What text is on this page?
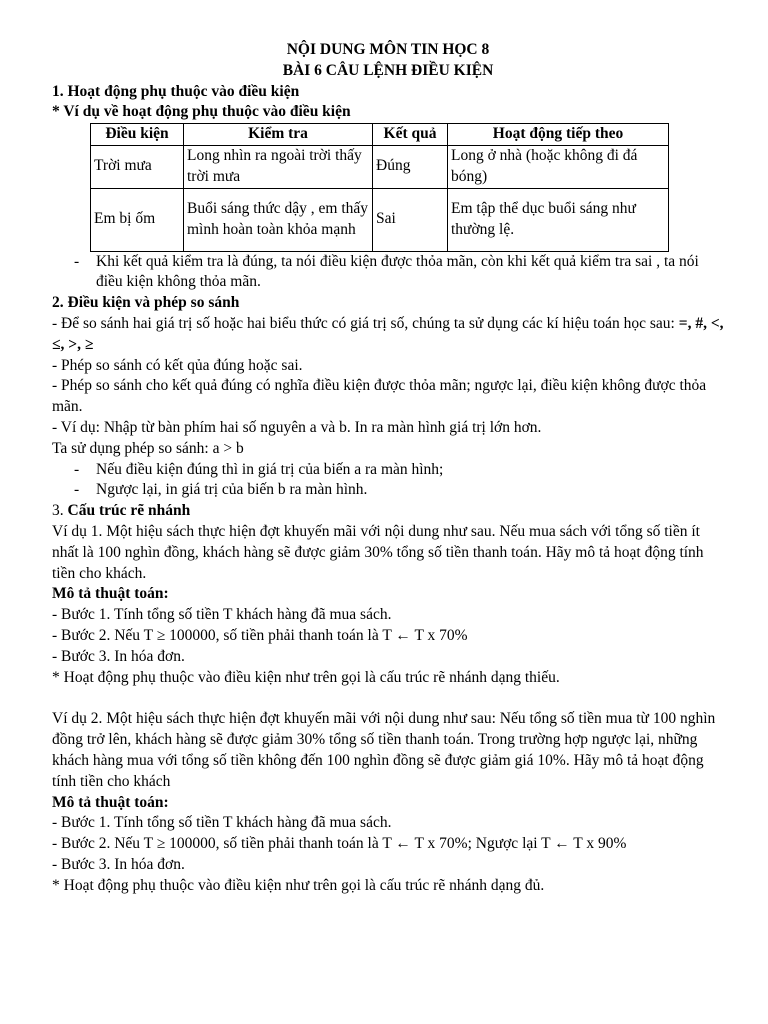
NỘI DUNG MÔN TIN HỌC 8

BÀI 6 CÂU LỆNH ĐIỀU KIỆN

1. Hoạt động phụ thuộc vào điều kiện

* Ví dụ về hoạt động phụ thuộc vào điều kiện

Điều kiện	Kiểm tra	Kết quả	Hoạt động tiếp theo
Trời mưa	Long nhìn ra ngoài trời thấy trời mưa	Đúng	Long ở nhà (hoặc không đi đá bóng)
Em bị ốm	Buổi sáng thức dậy , em thấy mình hoàn toàn khỏa mạnh	Sai	Em tập thể dục buổi sáng như thường lệ.
- Khi kết quả kiểm tra là đúng, ta nói điều kiện được thỏa mãn, còn khi kết quả kiểm tra sai , ta nói điều kiện không thỏa mãn.

2. Điều kiện và phép so sánh

- Để so sánh hai giá trị số hoặc hai biểu thức có giá trị số, chúng ta sử dụng các kí hiệu toán học sau: =, #, <, ≤, >, ≥

- Phép so sánh có kết qủa đúng hoặc sai.

- Phép so sánh cho kết quả đúng có nghĩa điều kiện được thỏa mãn; ngược lại, điều kiện không được thỏa mãn.

- Ví dụ: Nhập từ bàn phím hai số nguyên a và b. In ra màn hình giá trị lớn hơn.

Ta sử dụng phép so sánh: a > b

- Nếu điều kiện đúng thì in giá trị của biến a ra màn hình;
- Ngược lại, in giá trị của biến b ra màn hình.

3. Cấu trúc rẽ nhánh

Ví dụ 1. Một hiệu sách thực hiện đợt khuyến mãi với nội dung như sau. Nếu mua sách với tổng số tiền ít nhất là 100 nghìn đồng, khách hàng sẽ được giảm 30% tổng số tiền thanh toán. Hãy mô tả hoạt động tính tiền cho khách.

Mô tả thuật toán:

- Bước 1. Tính tổng số tiền T khách hàng đã mua sách.

- Bước 2. Nếu T ≥ 100000, số tiền phải thanh toán là T ← T x 70%

- Bước 3. In hóa đơn.

* Hoạt động phụ thuộc vào điều kiện như trên gọi là cấu trúc rẽ nhánh dạng thiếu.

Ví dụ 2. Một hiệu sách thực hiện đợt khuyến mãi với nội dung như sau: Nếu tổng số tiền mua từ 100 nghìn đồng trở lên, khách hàng sẽ được giảm 30% tổng số tiền thanh toán. Trong trường hợp ngược lại, những khách hàng mua với tổng số tiền không đến 100 nghìn đồng sẽ được giảm giá 10%. Hãy mô tả hoạt động tính tiền cho khách

Mô tả thuật toán:

- Bước 1. Tính tổng số tiền T khách hàng đã mua sách.

- Bước 2. Nếu T ≥ 100000, số tiền phải thanh toán là T ← T x 70%; Ngược lại T ← T x 90%

- Bước 3. In hóa đơn.

* Hoạt động phụ thuộc vào điều kiện như trên gọi là cấu trúc rẽ nhánh dạng đủ.
